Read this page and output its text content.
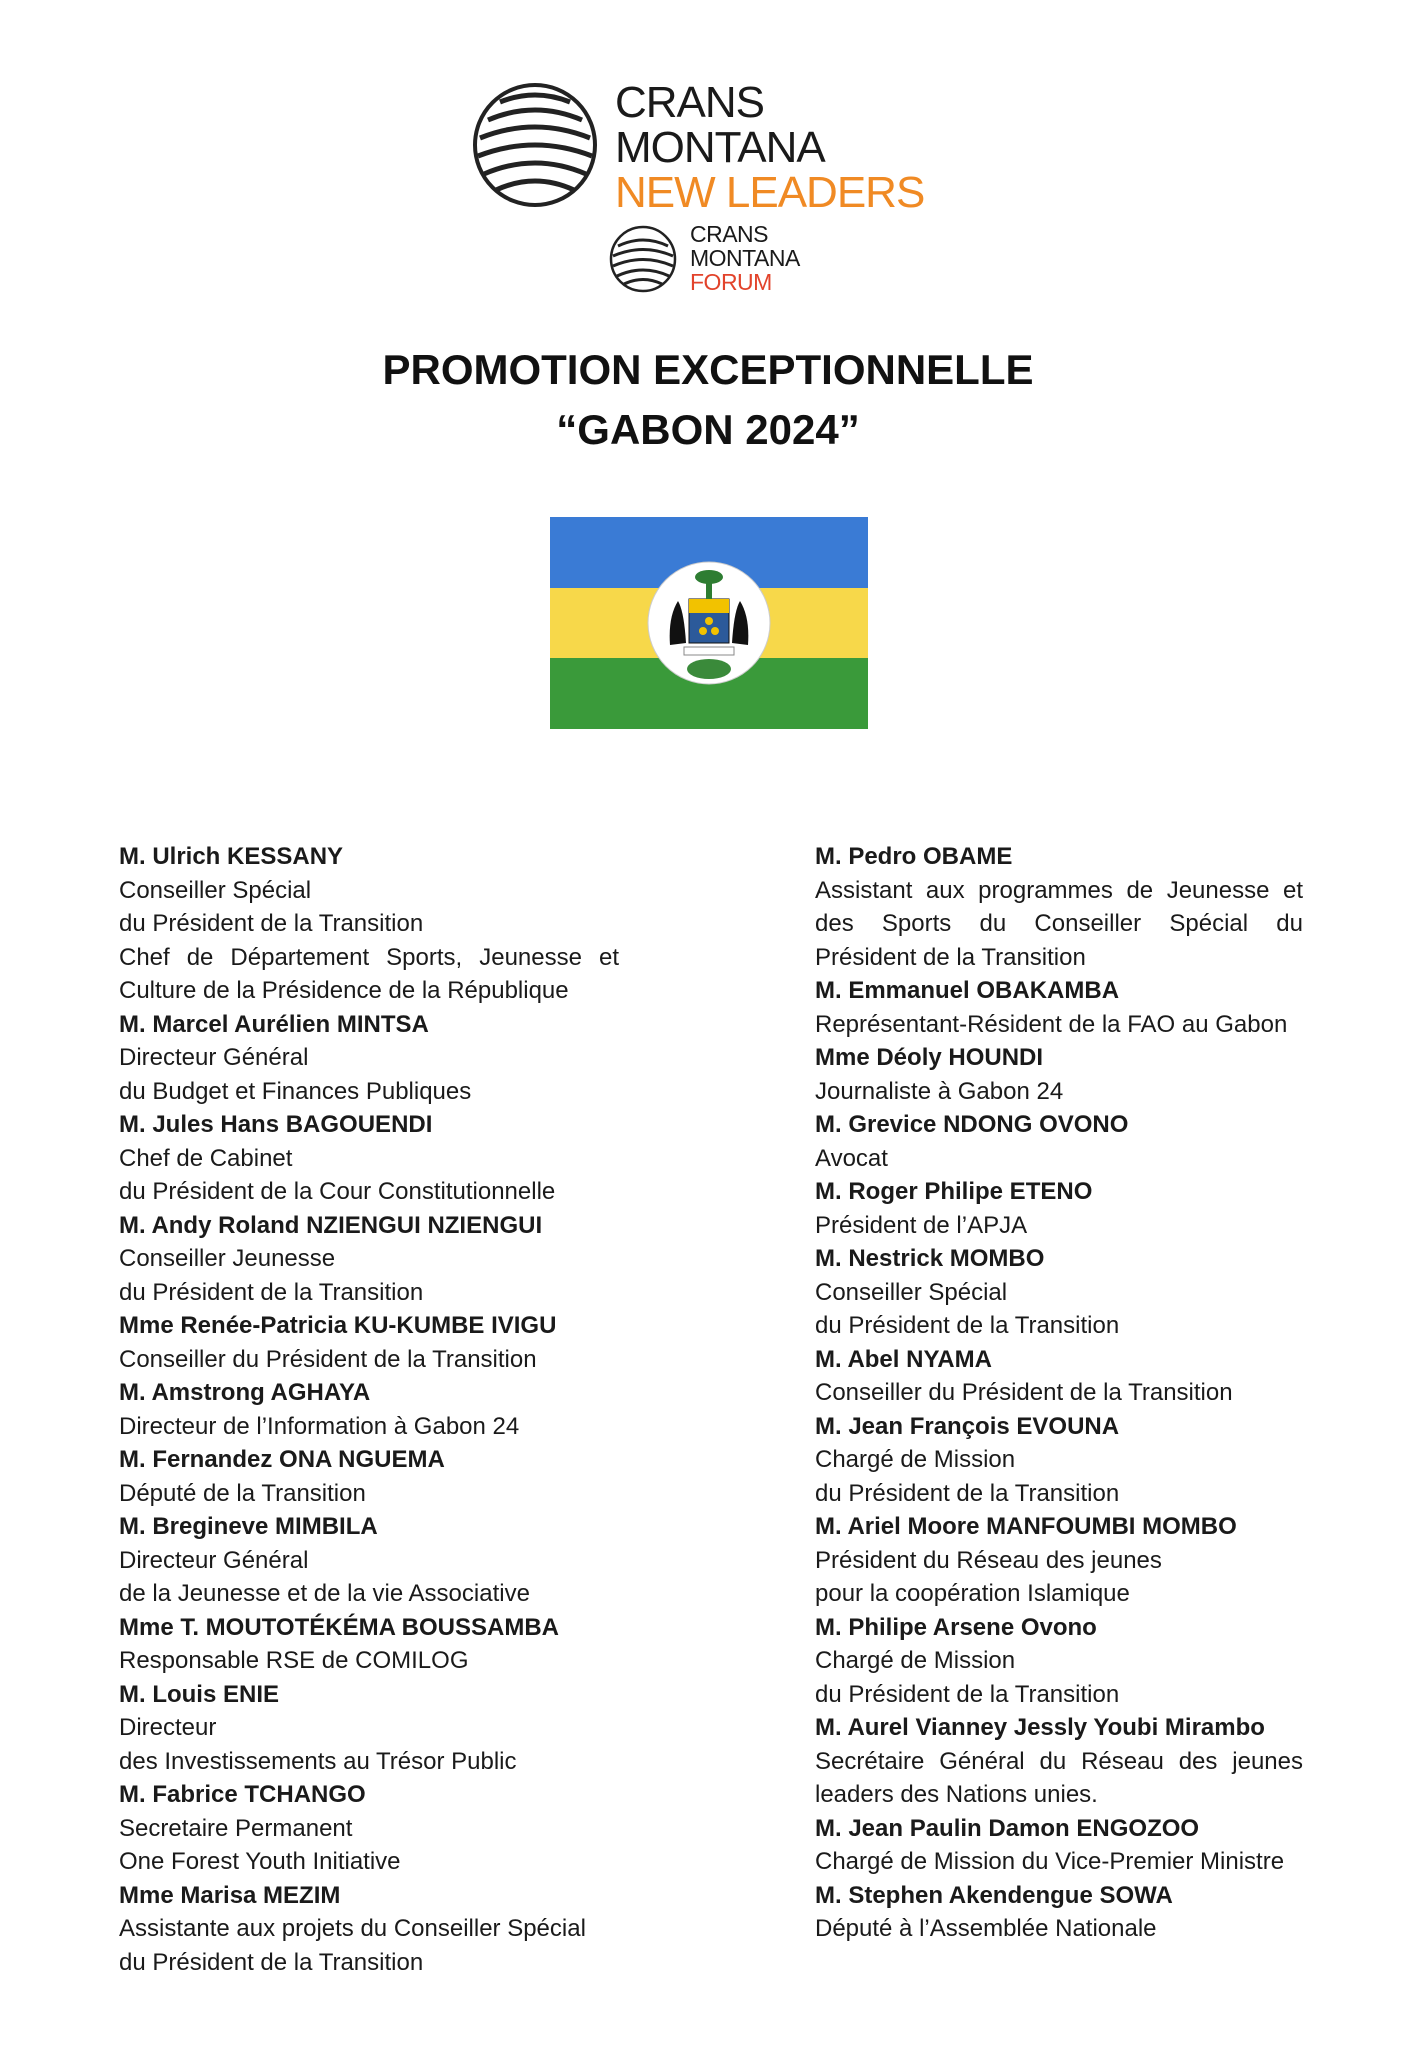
CRANS
MONTANA
NEW LEADERS
CRANS
MONTANA
FORUM
PROMOTION EXCEPTIONNELLE
“GABON 2024”
M. Ulrich KESSANY
Conseiller Spécial
du Président de la Transition
Chef de Département Sports, Jeunesse et
Culture de la Présidence de la République
M. Marcel Aurélien MINTSA
Directeur Général
du Budget et Finances Publiques
M. Jules Hans BAGOUENDI
Chef de Cabinet
du Président de la Cour Constitutionnelle
M. Andy Roland NZIENGUI NZIENGUI
Conseiller Jeunesse
du Président de la Transition
Mme Renée-Patricia KU-KUMBE IVIGU
Conseiller du Président de la Transition
M. Amstrong AGHAYA
Directeur de l’Information à Gabon 24
M. Fernandez ONA NGUEMA
Député de la Transition
M. Bregineve MIMBILA
Directeur Général
de la Jeunesse et de la vie Associative
Mme T. MOUTOTÉKÉMA BOUSSAMBA
Responsable RSE de COMILOG
M. Louis ENIE
Directeur
des Investissements au Trésor Public
M. Fabrice TCHANGO
Secretaire Permanent
One Forest Youth Initiative
Mme Marisa MEZIM
Assistante aux projets du Conseiller Spécial
du Président de la Transition
M. Pedro OBAME
Assistant aux programmes de Jeunesse et des Sports du Conseiller Spécial du Président de la Transition
M. Emmanuel OBAKAMBA
Représentant-Résident de la FAO au Gabon
Mme Déoly HOUNDI
Journaliste à Gabon 24
M. Grevice NDONG OVONO
Avocat
M. Roger Philipe ETENO
Président de l’APJA
M. Nestrick MOMBO
Conseiller Spécial
du Président de la Transition
M. Abel NYAMA
Conseiller du Président de la Transition
M. Jean François EVOUNA
Chargé de Mission
du Président de la Transition
M. Ariel Moore MANFOUMBI MOMBO
Président du Réseau des jeunes
pour la coopération Islamique
M. Philipe Arsene Ovono
Chargé de Mission
du Président de la Transition
M. Aurel Vianney Jessly Youbi Mirambo
Secrétaire Général du Réseau des jeunes leaders des Nations unies.
M. Jean Paulin Damon ENGOZOO
Chargé de Mission du Vice-Premier Ministre
M. Stephen Akendengue SOWA
Député à l’Assemblée Nationale
